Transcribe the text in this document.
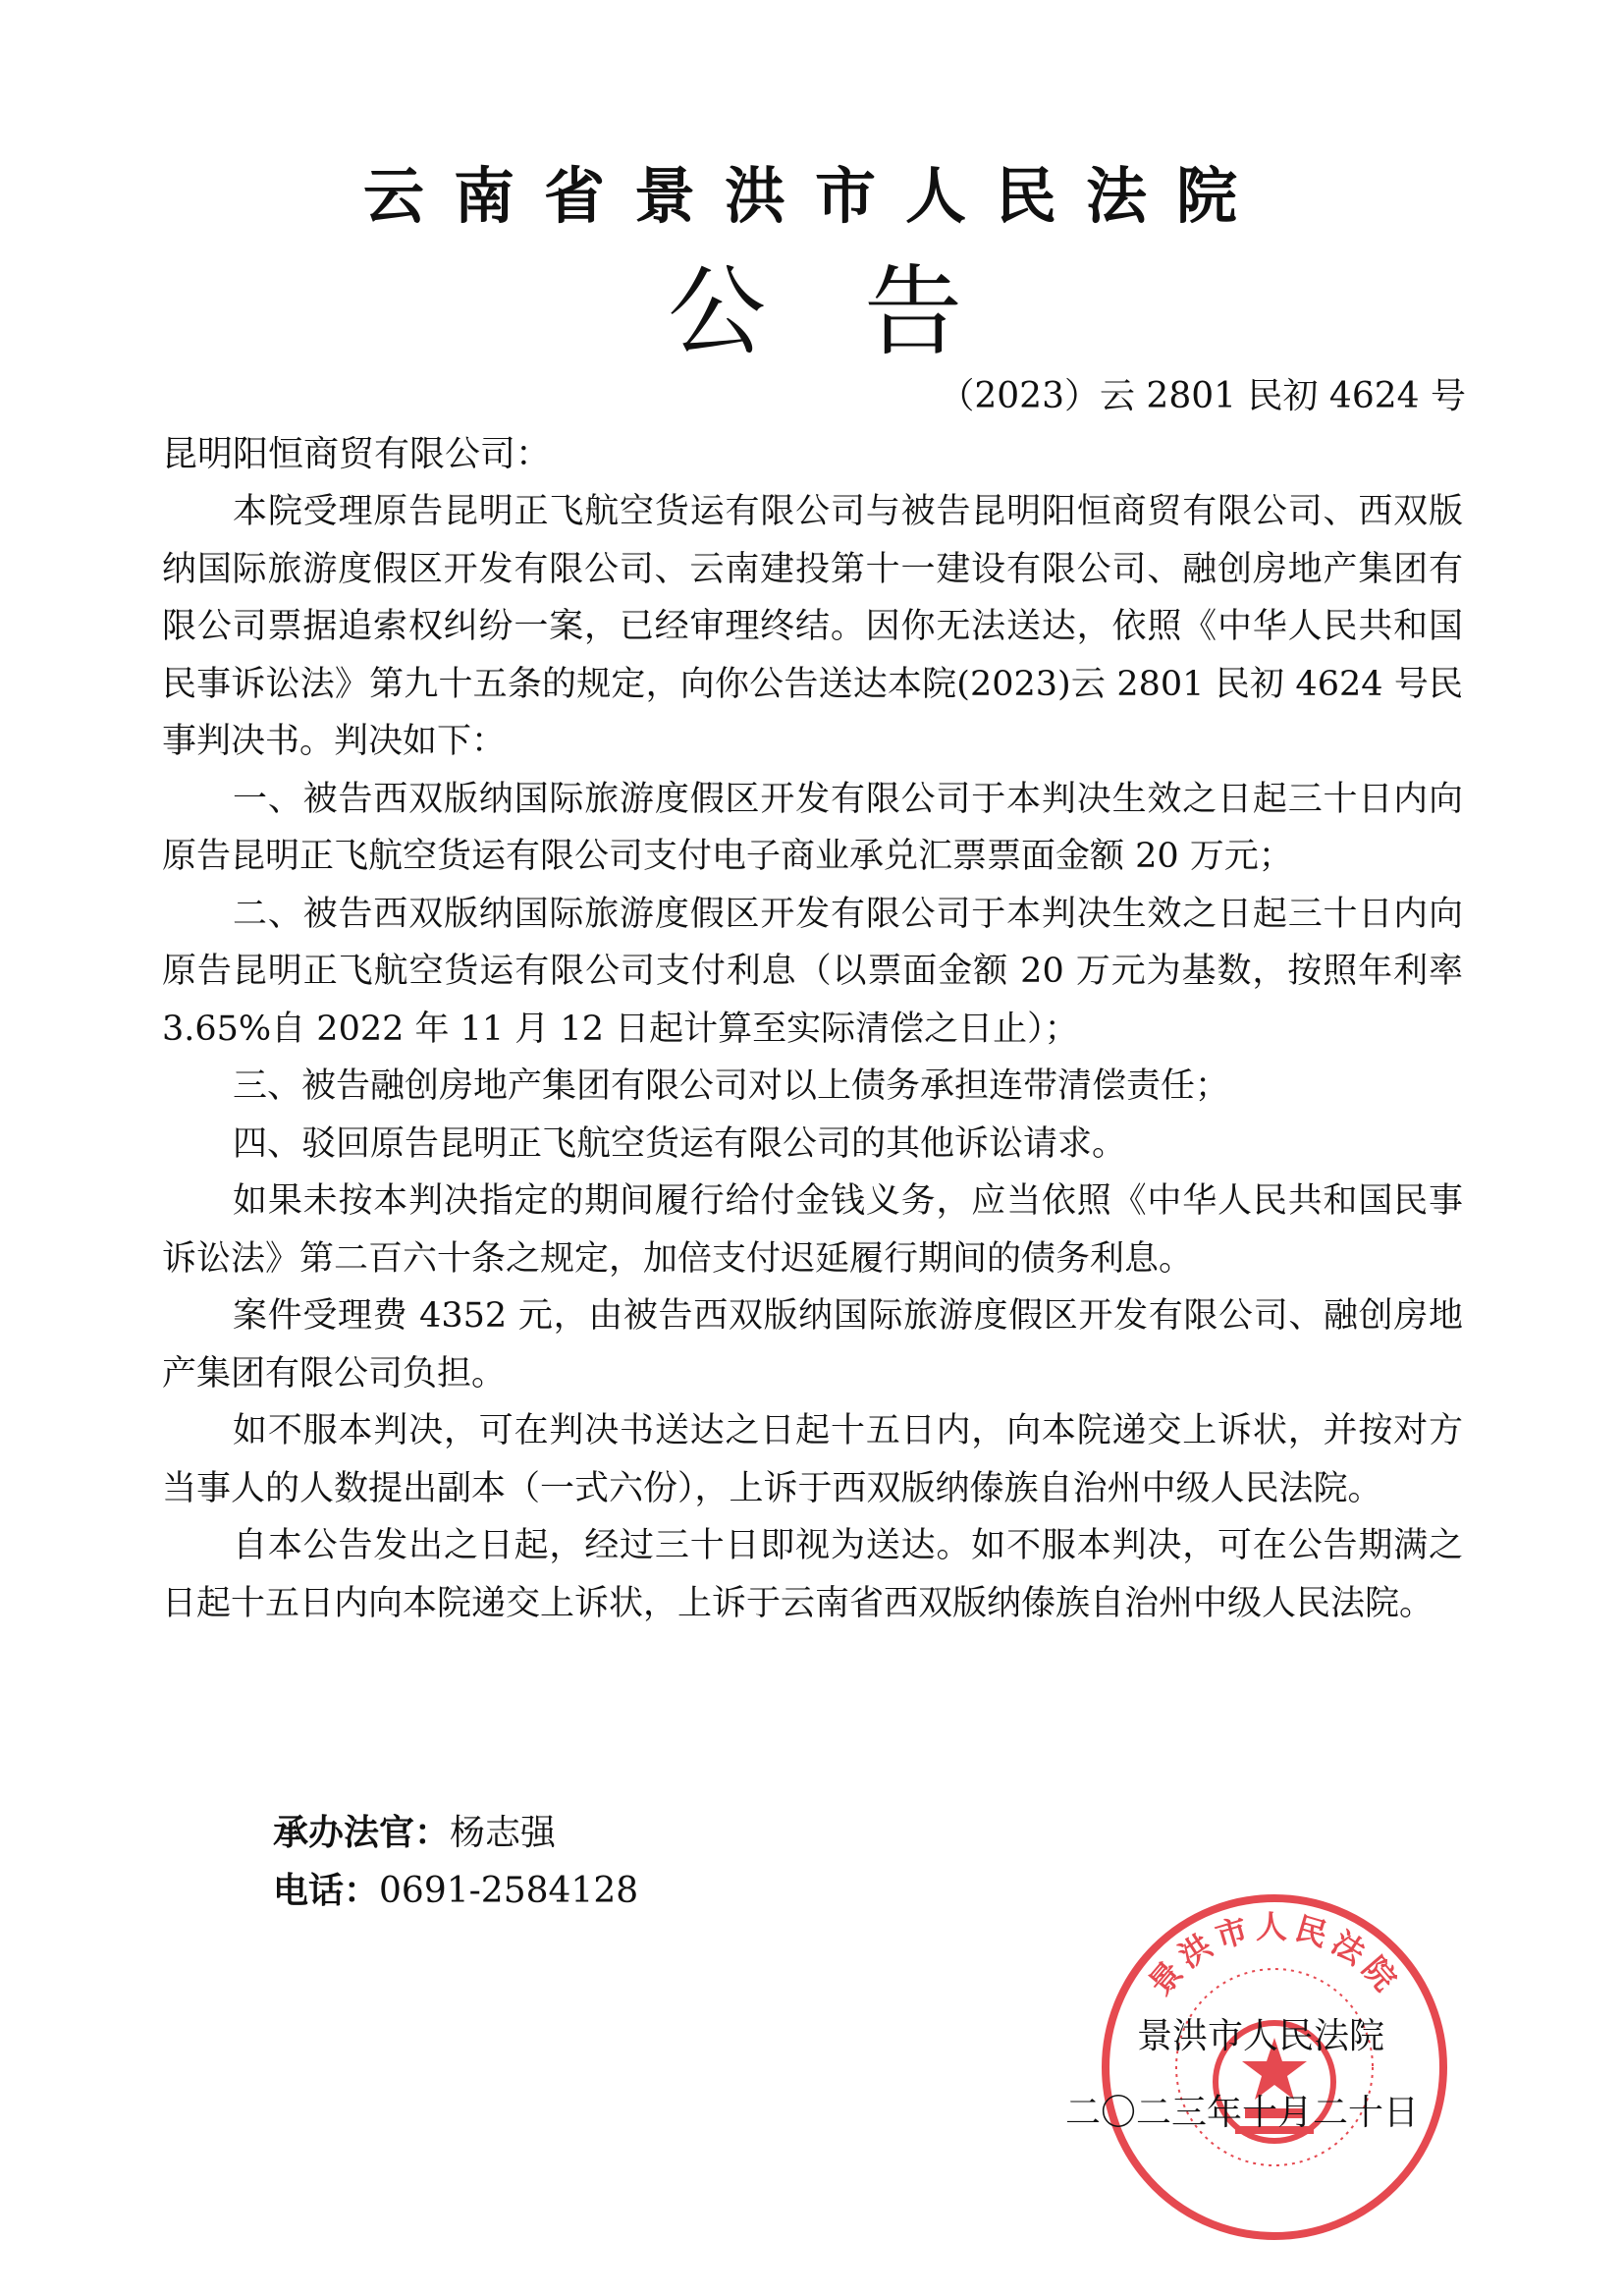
云南省景洪市人民法院
公告
（2023）云 2801 民初 4624 号
昆明阳恒商贸有限公司：

本院受理原告昆明正飞航空货运有限公司与被告昆明阳恒商贸有限公司、西双版纳国际旅游度假区开发有限公司、云南建投第十一建设有限公司、融创房地产集团有限公司票据追索权纠纷一案，已经审理终结。因你无法送达，依照《中华人民共和国民事诉讼法》第九十五条的规定，向你公告送达本院(2023)云 2801 民初 4624 号民事判决书。判决如下：

一、被告西双版纳国际旅游度假区开发有限公司于本判决生效之日起三十日内向原告昆明正飞航空货运有限公司支付电子商业承兑汇票票面金额 20 万元；

二、被告西双版纳国际旅游度假区开发有限公司于本判决生效之日起三十日内向原告昆明正飞航空货运有限公司支付利息（以票面金额 20 万元为基数，按照年利率 3.65%自 2022 年 11 月 12 日起计算至实际清偿之日止）；

三、被告融创房地产集团有限公司对以上债务承担连带清偿责任；

四、驳回原告昆明正飞航空货运有限公司的其他诉讼请求。

如果未按本判决指定的期间履行给付金钱义务，应当依照《中华人民共和国民事诉讼法》第二百六十条之规定，加倍支付迟延履行期间的债务利息。

案件受理费 4352 元，由被告西双版纳国际旅游度假区开发有限公司、融创房地产集团有限公司负担。

如不服本判决，可在判决书送达之日起十五日内，向本院递交上诉状，并按对方当事人的人数提出副本（一式六份），上诉于西双版纳傣族自治州中级人民法院。

自本公告发出之日起，经过三十日即视为送达。如不服本判决，可在公告期满之日起十五日内向本院递交上诉状，上诉于云南省西双版纳傣族自治州中级人民法院。

承办法官：杨志强
电话：0691-2584128
景洪市人民法院
景洪市人民法院
二〇二三年十月二十日
